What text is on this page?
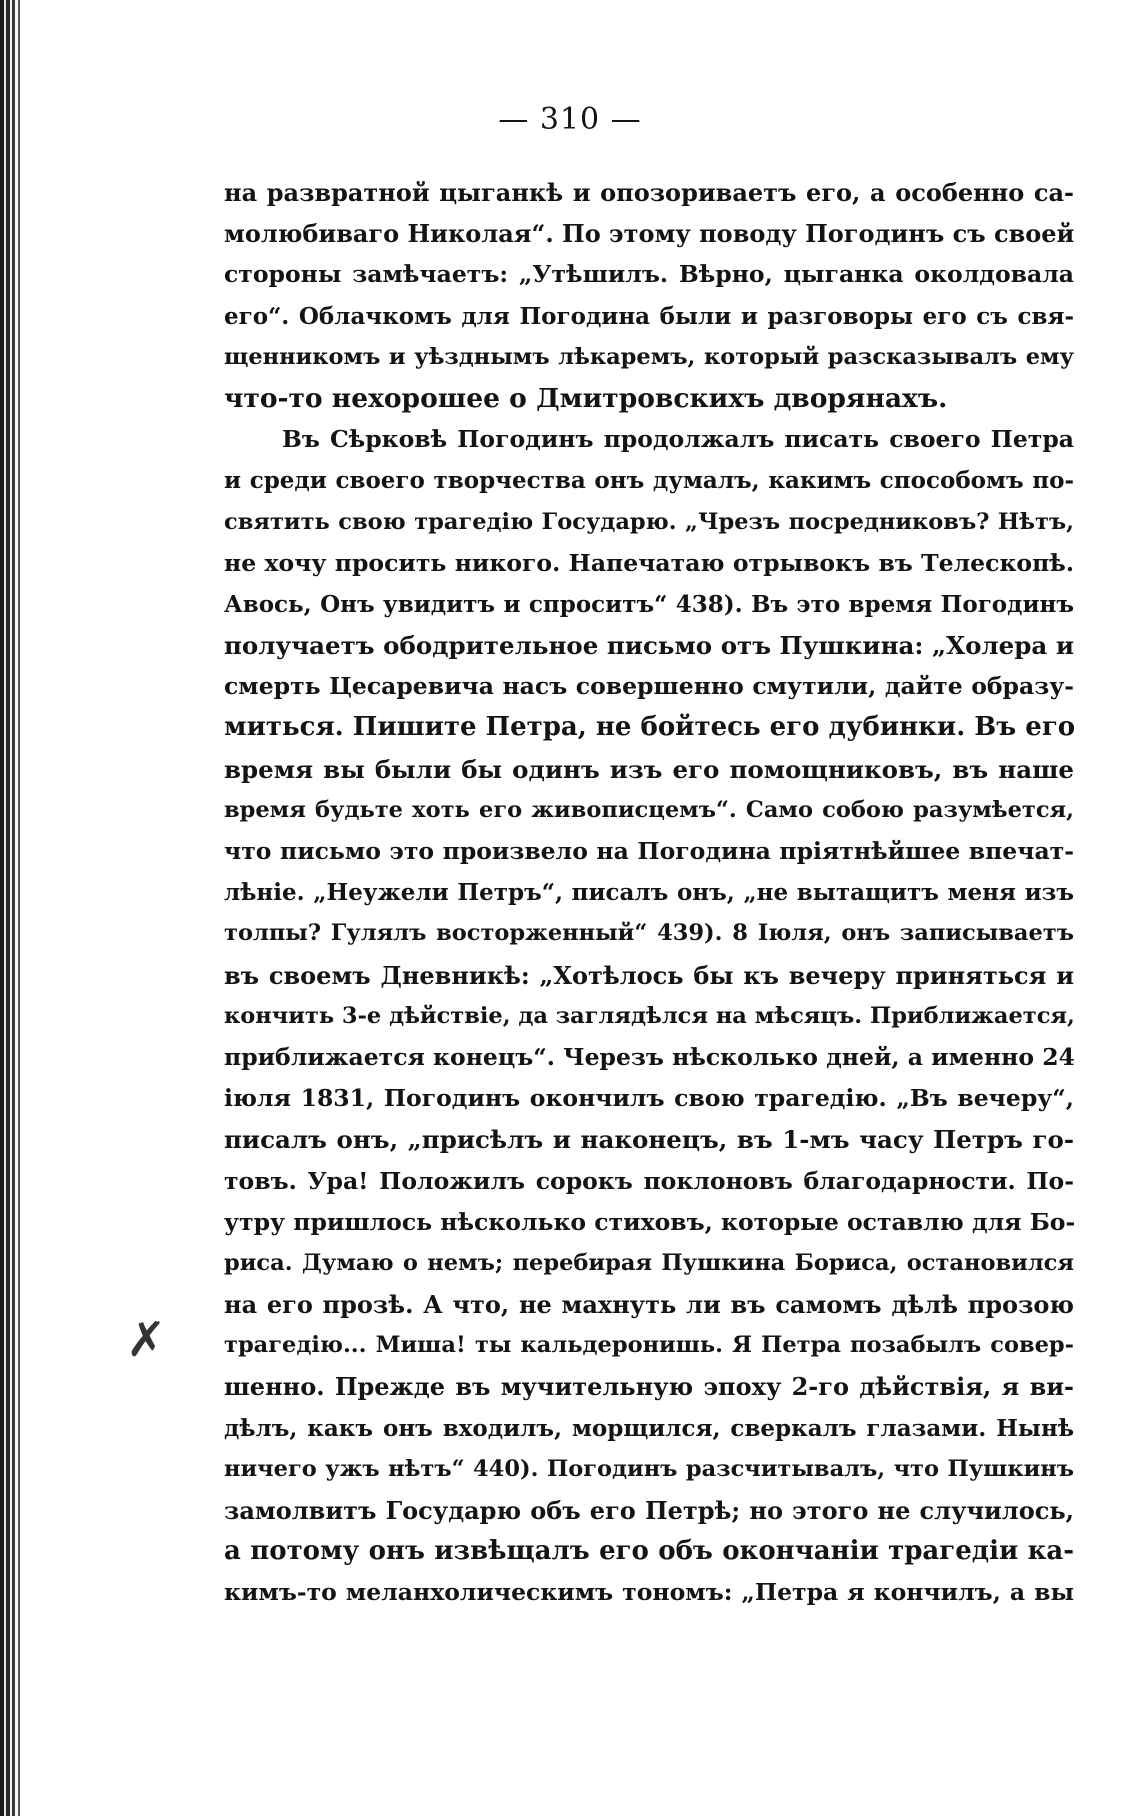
— 310 —
✗
на развратной цыганкѣ и опозориваетъ его, а особенно са-
молюбиваго Николая“. По этому поводу Погодинъ съ своей
стороны замѣчаетъ: „Утѣшилъ. Вѣрно, цыганка околдовала
его“. Облачкомъ для Погодина были и разговоры его съ свя-
щенникомъ и уѣзднымъ лѣкаремъ, который разсказывалъ ему
что-то нехорошее о Дмитровскихъ дворянахъ.
Въ Сѣрковѣ Погодинъ продолжалъ писать своего Петра
и среди своего творчества онъ думалъ, какимъ способомъ по-
святить свою трагедію Государю. „Чрезъ посредниковъ? Нѣтъ,
не хочу просить никого. Напечатаю отрывокъ въ Телескопѣ.
Авось, Онъ увидитъ и спроситъ“ 438). Въ это время Погодинъ
получаетъ ободрительное письмо отъ Пушкина: „Холера и
смерть Цесаревича насъ совершенно смутили, дайте образу-
миться. Пишите Петра, не бойтесь его дубинки. Въ его
время вы были бы одинъ изъ его помощниковъ, въ наше
время будьте хоть его живописцемъ“. Само собою разумѣется,
что письмо это произвело на Погодина пріятнѣйшее впечат-
лѣніе. „Неужели Петръ“, писалъ онъ, „не вытащитъ меня изъ
толпы? Гулялъ восторженный“ 439). 8 Іюля, онъ записываетъ
въ своемъ Дневникѣ: „Хотѣлось бы къ вечеру приняться и
кончить 3-е дѣйствіе, да заглядѣлся на мѣсяцъ. Приближается,
приближается конецъ“. Черезъ нѣсколько дней, а именно 24
іюля 1831, Погодинъ окончилъ свою трагедію. „Въ вечеру“,
писалъ онъ, „присѣлъ и наконецъ, въ 1-мъ часу Петръ го-
товъ. Ура! Положилъ сорокъ поклоновъ благодарности. По-
утру пришлось нѣсколько стиховъ, которые оставлю для Бо-
риса. Думаю о немъ; перебирая Пушкина Бориса, остановился
на его прозѣ. А что, не махнуть ли въ самомъ дѣлѣ прозою
трагедію... Миша! ты кальдеронишь. Я Петра позабылъ совер-
шенно. Прежде въ мучительную эпоху 2-го дѣйствія, я ви-
дѣлъ, какъ онъ входилъ, морщился, сверкалъ глазами. Нынѣ
ничего ужъ нѣтъ“ 440). Погодинъ разсчитывалъ, что Пушкинъ
замолвитъ Государю объ его Петрѣ; но этого не случилось,
а потому онъ извѣщалъ его объ окончаніи трагедіи ка-
кимъ-то меланхолическимъ тономъ: „Петра я кончилъ, а вы
